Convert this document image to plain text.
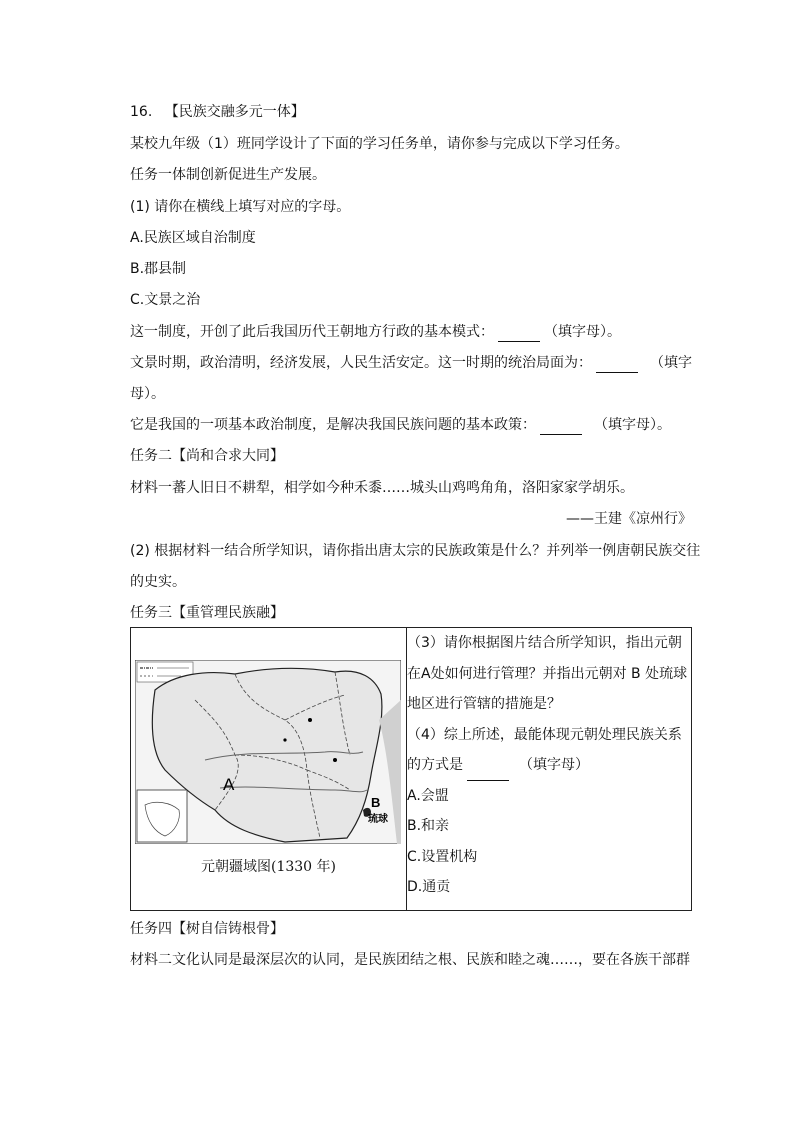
16. 【民族交融多元一体】
某校九年级（1）班同学设计了下面的学习任务单，请你参与完成以下学习任务。
任务一体制创新促进生产发展。
(1) 请你在横线上填写对应的字母。
A.民族区域自治制度
B.郡县制
C.文景之治
这一制度，开创了此后我国历代王朝地方行政的基本模式：	（填字母）。
文景时期，政治清明，经济发展，人民生活安定。这一时期的统治局面为：	（填字
母）。
它是我国的一项基本政治制度，是解决我国民族问题的基本政策：	（填字母）。
任务二【尚和合求大同】
材料一蕃人旧日不耕犁，相学如今种禾黍……城头山鸡鸣角角，洛阳家家学胡乐。
——王建《凉州行》
(2) 根据材料一结合所学知识，请你指出唐太宗的民族政策是什么？并列举一例唐朝民族交往
的史实。
任务三【重管理民族融】
A
B
琉球
元朝疆域图(1330 年)

（3）请你根据图片结合所学知识，指出元朝在A处如何进行管理？并指出元朝对 B 处琉球地区进行管辖的措施是？
（4）综上所述，最能体现元朝处理民族关系的方式是	（填字母）
A.会盟
B.和亲
C.设置机构
D.通贡
任务四【树自信铸根骨】
材料二文化认同是最深层次的认同，是民族团结之根、民族和睦之魂……，要在各族干部群
